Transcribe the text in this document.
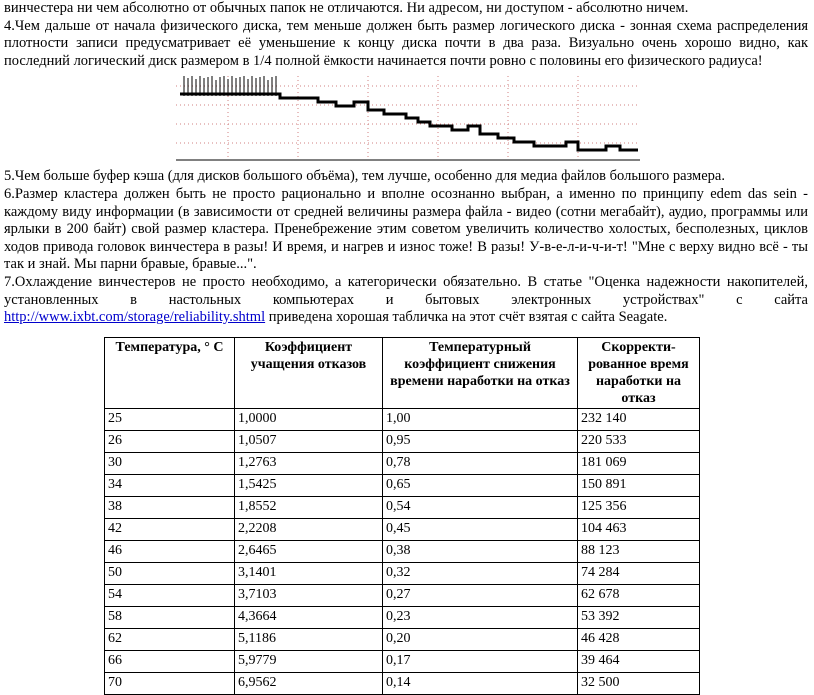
винчестера ни чем абсолютно от обычных папок не отличаются. Ни адресом, ни доступом - абсолютно ничем.

4.Чем дальше от начала физического диска, тем меньше должен быть размер логического диска - зонная схема распределения плотности записи предусматривает её уменьшение к концу диска почти в два раза. Визуально очень хорошо видно, как последний логический диск размером в 1/4 полной ёмкости начинается почти ровно с половины его физического радиуса!

5.Чем больше буфер кэша (для дисков большого объёма), тем лучше, особенно для медиа файлов большого размера.

6.Размер кластера должен быть не просто рационально и вполне осознанно выбран, а именно по принципу edem das sein - каждому виду информации (в зависимости от средней величины размера файла - видео (сотни мегабайт), аудио, программы или ярлыки в 200 байт) свой размер кластера. Пренебрежение этим советом увеличить количество холостых, бесполезных, циклов ходов привода головок винчестера в разы! И время, и нагрев и износ тоже! В разы! У-в-е-л-и-ч-и-т! "Мне с верху видно всё - ты так и знай. Мы парни бравые, бравые...".

7.Охлаждение винчестеров не просто необходимо, а категорически обязательно. В статье "Оценка надежности накопителей, установленных в настольных компьютерах и бытовых электронных устройствах" с сайта http://www.ixbt.com/storage/reliability.shtml приведена хорошая табличка на этот счёт взятая с сайта Seagate.

Температура, ° С	Коэффициент учащения отказов	Температурный коэффициент снижения времени наработки на отказ	Скорректи-рованное время наработки на отказ
25	1,0000	1,00	232 140
26	1,0507	0,95	220 533
30	1,2763	0,78	181 069
34	1,5425	0,65	150 891
38	1,8552	0,54	125 356
42	2,2208	0,45	104 463
46	2,6465	0,38	88 123
50	3,1401	0,32	74 284
54	3,7103	0,27	62 678
58	4,3664	0,23	53 392
62	5,1186	0,20	46 428
66	5,9779	0,17	39 464
70	6,9562	0,14	32 500
